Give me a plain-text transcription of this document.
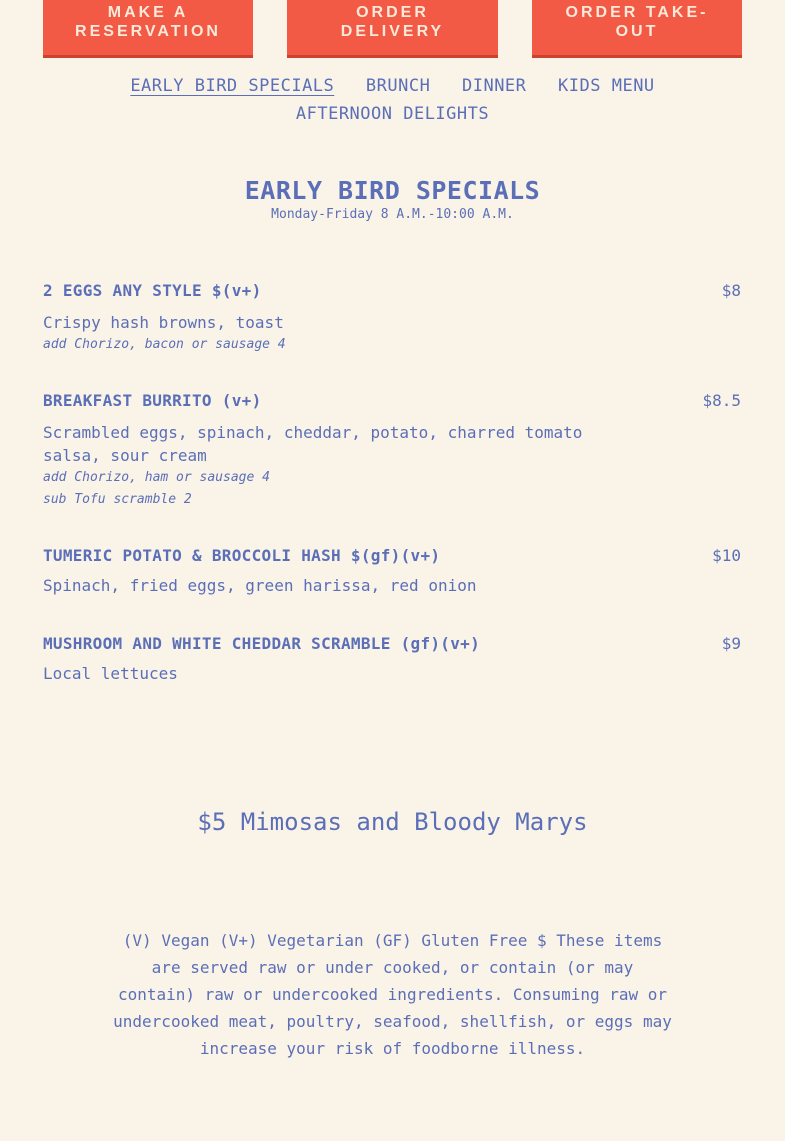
MAKE A
RESERVATION
ORDER
DELIVERY
ORDER TAKE-
OUT
EARLY BIRD SPECIALS BRUNCH DINNER KIDS MENU
AFTERNOON DELIGHTS
EARLY BIRD SPECIALS
Monday-Friday 8 A.M.-10:00 A.M.
2 EGGS ANY STYLE $(v+)	$8
Crispy hash browns, toast
add Chorizo, bacon or sausage 4
BREAKFAST BURRITO (v+)	$8.5
Scrambled eggs, spinach, cheddar, potato, charred tomato salsa, sour cream
add Chorizo, ham or sausage 4
sub Tofu scramble 2
TUMERIC POTATO & BROCCOLI HASH $(gf)(v+)	$10
Spinach, fried eggs, green harissa, red onion
MUSHROOM AND WHITE CHEDDAR SCRAMBLE (gf)(v+)	$9
Local lettuces
$5 Mimosas and Bloody Marys
(V) Vegan (V+) Vegetarian (GF) Gluten Free $ These items are served raw or under cooked, or contain (or may contain) raw or undercooked ingredients. Consuming raw or undercooked meat, poultry, seafood, shellfish, or eggs may increase your risk of foodborne illness.
